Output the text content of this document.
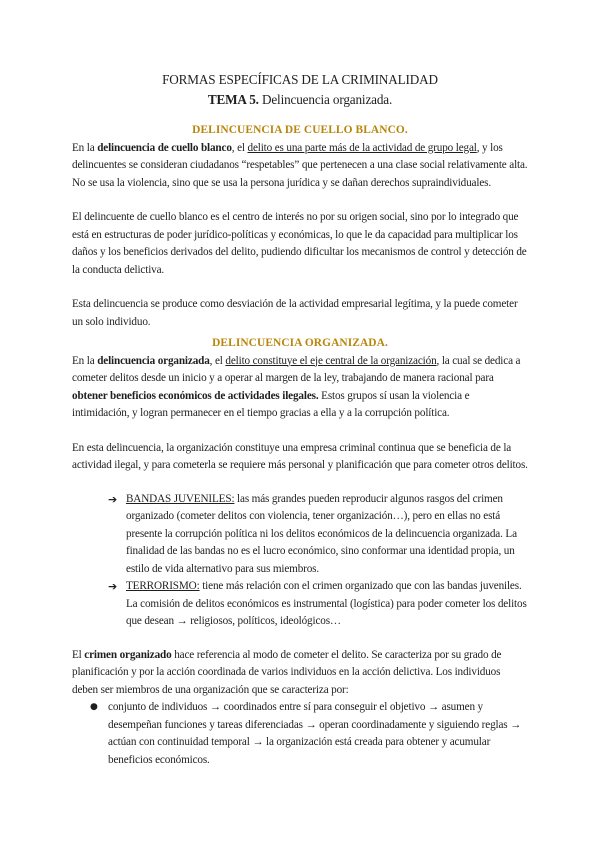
FORMAS ESPECÍFICAS DE LA CRIMINALIDAD
TEMA 5. Delincuencia organizada.
DELINCUENCIA DE CUELLO BLANCO.

En la delincuencia de cuello blanco, el delito es una parte más de la actividad de grupo legal, y los delincuentes se consideran ciudadanos “respetables” que pertenecen a una clase social relativamente alta. No se usa la violencia, sino que se usa la persona jurídica y se dañan derechos supraindividuales.

El delincuente de cuello blanco es el centro de interés no por su origen social, sino por lo integrado que está en estructuras de poder jurídico-políticas y económicas, lo que le da capacidad para multiplicar los daños y los beneficios derivados del delito, pudiendo dificultar los mecanismos de control y detección de la conducta delictiva.

Esta delincuencia se produce como desviación de la actividad empresarial legítima, y la puede cometer un solo individuo.

DELINCUENCIA ORGANIZADA.

En la delincuencia organizada, el delito constituye el eje central de la organización, la cual se dedica a cometer delitos desde un inicio y a operar al margen de la ley, trabajando de manera racional para obtener beneficios económicos de actividades ilegales. Estos grupos sí usan la violencia e intimidación, y logran permanecer en el tiempo gracias a ella y a la corrupción política.

En esta delincuencia, la organización constituye una empresa criminal continua que se beneficia de la actividad ilegal, y para cometerla se requiere más personal y planificación que para cometer otros delitos.

➔ BANDAS JUVENILES: las más grandes pueden reproducir algunos rasgos del crimen organizado (cometer delitos con violencia, tener organización…), pero en ellas no está presente la corrupción política ni los delitos económicos de la delincuencia organizada. La finalidad de las bandas no es el lucro económico, sino conformar una identidad propia, un estilo de vida alternativo para sus miembros.
➔ TERRORISMO: tiene más relación con el crimen organizado que con las bandas juveniles. La comisión de delitos económicos es instrumental (logística) para poder cometer los delitos que desean → religiosos, políticos, ideológicos…

El crimen organizado hace referencia al modo de cometer el delito. Se caracteriza por su grado de planificación y por la acción coordinada de varios individuos en la acción delictiva. Los individuos deben ser miembros de una organización que se caracteriza por:

● conjunto de individuos → coordinados entre sí para conseguir el objetivo → asumen y desempeñan funciones y tareas diferenciadas → operan coordinadamente y siguiendo reglas → actúan con continuidad temporal → la organización está creada para obtener y acumular beneficios económicos.
